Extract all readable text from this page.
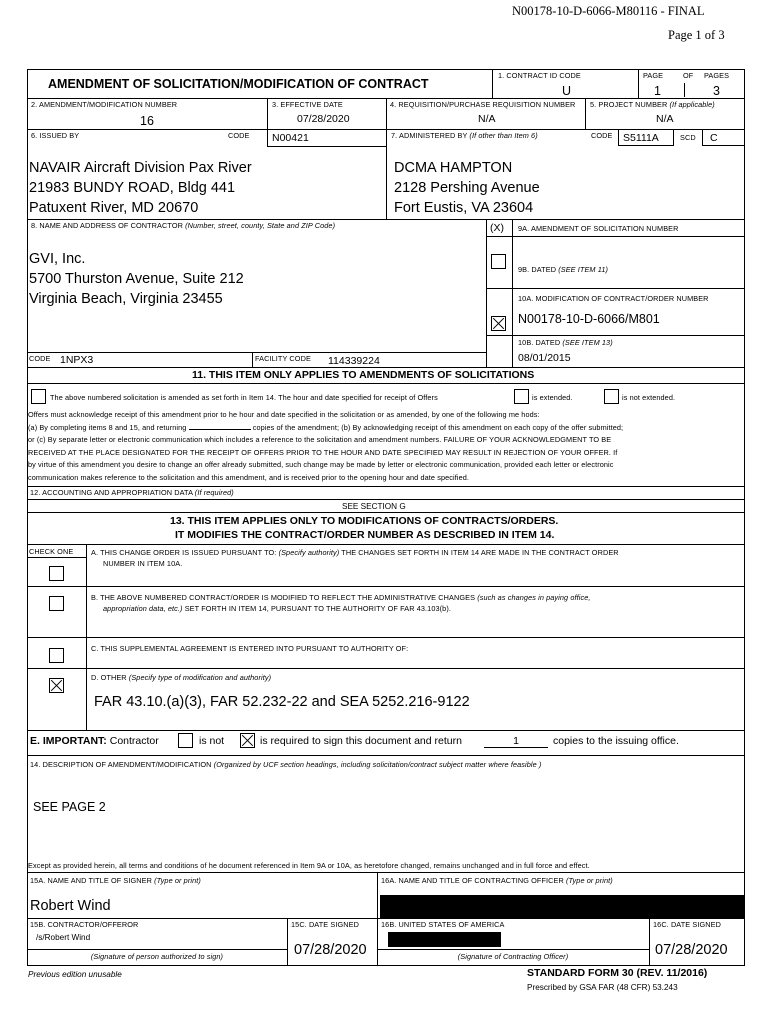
N00178-10-D-6066-M80116 - FINAL
Page 1 of 3
AMENDMENT OF SOLICITATION/MODIFICATION OF CONTRACT
1. CONTRACT ID CODE
U
PAGE	OF PAGES
1	3
2. AMENDMENT/MODIFICATION NUMBER
16
3. EFFECTIVE DATE
07/28/2020
4. REQUISITION/PURCHASE REQUISITION NUMBER
N/A
5. PROJECT NUMBER (If applicable)
N/A
6. ISSUED BY	CODE N00421	7. ADMINISTERED BY (If other than Item 6)	CODE S5111A	SCD C
NAVAIR Aircraft Division Pax River
21983 BUNDY ROAD, Bldg 441
Patuxent River, MD 20670
DCMA HAMPTON
2128 Pershing Avenue
Fort Eustis, VA 23604
8. NAME AND ADDRESS OF CONTRACTOR (Number, street, county, State and ZIP Code)
GVI, Inc.
5700 Thurston Avenue, Suite 212
Virginia Beach, Virginia 23455
CODE 1NPX3	FACILITY CODE 114339224
(X) 9A. AMENDMENT OF SOLICITATION NUMBER
9B. DATED (SEE ITEM 11)
10A. MODIFICATION OF CONTRACT/ORDER NUMBER
N00178-10-D-6066/M801
10B. DATED (SEE ITEM 13)
08/01/2015
11. THIS ITEM ONLY APPLIES TO AMENDMENTS OF SOLICITATIONS
The above numbered solicitation is amended as set forth in Item 14. The hour and date specified for receipt of Offers	is extended.	is not extended.
Offers must acknowledge receipt of this amendment prior to he hour and date specified in the solicitation or as amended, by one of the following me hods:
(a) By completing items 8 and 15, and returning	copies of the amendment; (b) By acknowledging receipt of this amendment on each copy of the offer submitted;
or (c) By separate letter or electronic communication which includes a reference to the solicitation and amendment numbers. FAILURE OF YOUR ACKNOWLEDGMENT TO BE
RECEIVED AT THE PLACE DESIGNATED FOR THE RECEIPT OF OFFERS PRIOR TO THE HOUR AND DATE SPECIFIED MAY RESULT IN REJECTION OF YOUR OFFER. If
by virtue of this amendment you desire to change an offer already submitted, such change may be made by letter or electronic communication, provided each letter or electronic
communication makes reference to the solicitation and this amendment, and is received prior to the opening hour and date specified.
12. ACCOUNTING AND APPROPRIATION DATA (If required)
SEE SECTION G
13. THIS ITEM APPLIES ONLY TO MODIFICATIONS OF CONTRACTS/ORDERS.
IT MODIFIES THE CONTRACT/ORDER NUMBER AS DESCRIBED IN ITEM 14.
CHECK ONE A. THIS CHANGE ORDER IS ISSUED PURSUANT TO: (Specify authority) THE CHANGES SET FORTH IN ITEM 14 ARE MADE IN THE CONTRACT ORDER
NUMBER IN ITEM 10A.
B. THE ABOVE NUMBERED CONTRACT/ORDER IS MODIFIED TO REFLECT THE ADMINISTRATIVE CHANGES (such as changes in paying office,
appropriation data, etc.) SET FORTH IN ITEM 14, PURSUANT TO THE AUTHORITY OF FAR 43.103(b).
C. THIS SUPPLEMENTAL AGREEMENT IS ENTERED INTO PURSUANT TO AUTHORITY OF:
D. OTHER (Specify type of modification and authority)
FAR 43.10.(a)(3), FAR 52.232-22 and SEA 5252.216-9122
E. IMPORTANT: Contractor	is not	is required to sign this document and return	1	copies to the issuing office.
14. DESCRIPTION OF AMENDMENT/MODIFICATION (Organized by UCF section headings, including solicitation/contract subject matter where feasible )
SEE PAGE 2
Except as provided herein, all terms and conditions of he document referenced in Item 9A or 10A, as heretofore changed, remains unchanged and in full force and effect.
15A. NAME AND TITLE OF SIGNER (Type or print)	16A. NAME AND TITLE OF CONTRACTING OFFICER (Type or print)
Robert Wind
15B. CONTRACTOR/OFFEROR
/s/Robert Wind
(Signature of person authorized to sign)
15C. DATE SIGNED
07/28/2020
16B. UNITED STATES OF AMERICA
(Signature of Contracting Officer)
16C. DATE SIGNED
07/28/2020
Previous edition unusable	STANDARD FORM 30 (REV. 11/2016)
Prescribed by GSA FAR (48 CFR) 53.243
